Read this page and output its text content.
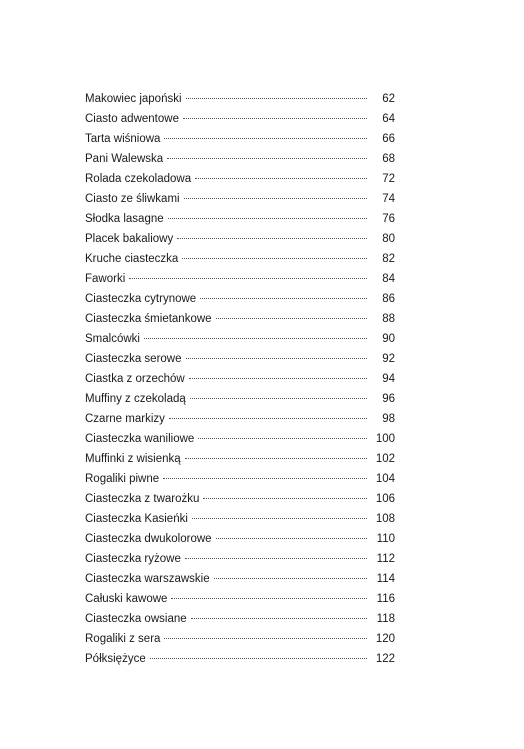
Makowiec japoński	62
Ciasto adwentowe	64
Tarta wiśniowa	66
Pani Walewska	68
Rolada czekoladowa	72
Ciasto ze śliwkami	74
Słodka lasagne	76
Placek bakaliowy	80
Kruche ciasteczka	82
Faworki	84
Ciasteczka cytrynowe	86
Ciasteczka śmietankowe	88
Smalcówki	90
Ciasteczka serowe	92
Ciastka z orzechów	94
Muffiny z czekoladą	96
Czarne markizy	98
Ciasteczka waniliowe	100
Muffinki z wisienką	102
Rogaliki piwne	104
Ciasteczka z twarożku	106
Ciasteczka Kasieńki	108
Ciasteczka dwukolorowe	110
Ciasteczka ryżowe	112
Ciasteczka warszawskie	114
Całuski kawowe	116
Ciasteczka owsiane	118
Rogaliki z sera	120
Półksiężyce	122
